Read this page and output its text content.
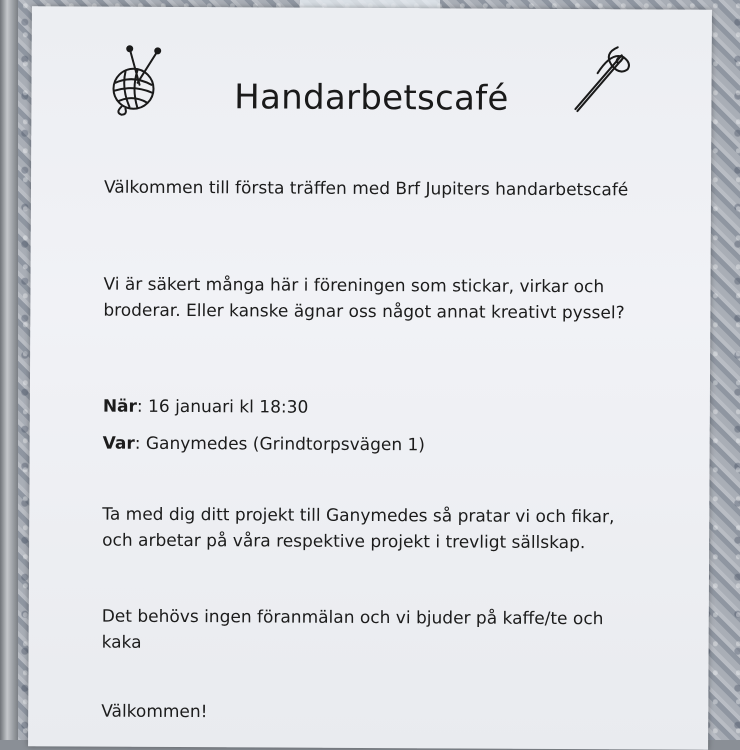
Handarbetscafé
Välkommen till första träffen med Brf Jupiters handarbetscafé
Vi är säkert många här i föreningen som stickar, virkar och broderar. Eller kanske ägnar oss något annat kreativt pyssel?
När: 16 januari kl 18:30
Var: Ganymedes (Grindtorpsvägen 1)
Ta med dig ditt projekt till Ganymedes så pratar vi och fikar, och arbetar på våra respektive projekt i trevligt sällskap.
Det behövs ingen föranmälan och vi bjuder på kaffe/te och kaka
Välkommen!
